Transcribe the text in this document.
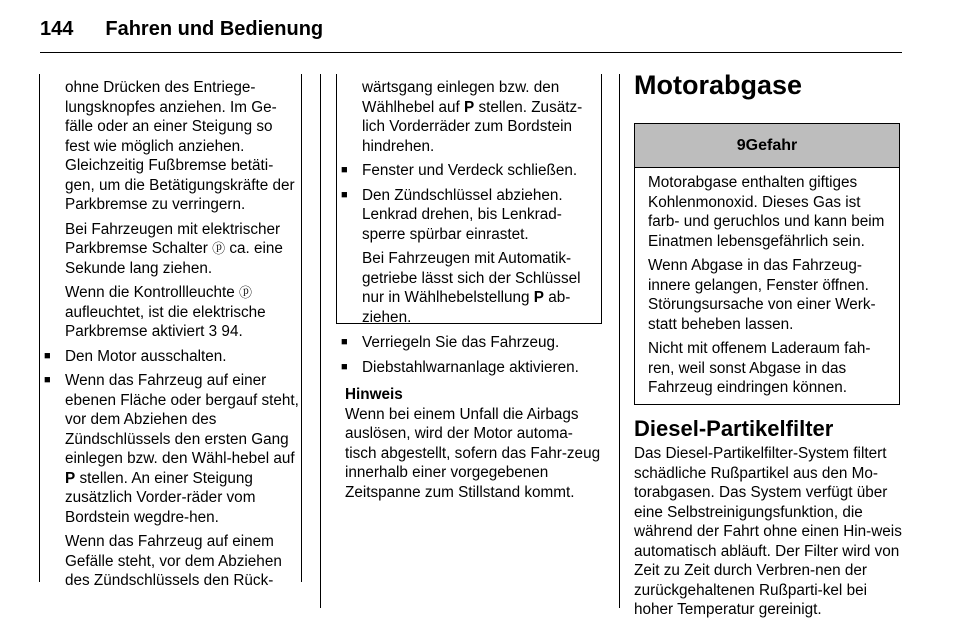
144 Fahren und Bedienung

ohne Drücken des Entriege-lungsknopfes anziehen. Im Ge-fälle oder an einer Steigung so fest wie möglich anziehen. Gleichzeitig Fußbremse betäti-gen, um die Betätigungskräfte der Parkbremse zu verringern.

Bei Fahrzeugen mit elektrischer Parkbremse Schalter ⓟ ca. eine Sekunde lang ziehen.

Wenn die Kontrollleuchte ⓟ aufleuchtet, ist die elektrische Parkbremse aktiviert 3 94.

■ Den Motor ausschalten.

■ Wenn das Fahrzeug auf einer ebenen Fläche oder bergauf steht, vor dem Abziehen des Zündschlüssels den ersten Gang einlegen bzw. den Wähl-hebel auf P stellen. An einer Steigung zusätzlich Vorder-räder vom Bordstein wegdre-hen.

Wenn das Fahrzeug auf einem Gefälle steht, vor dem Abziehen des Zündschlüssels den Rück-

wärtsgang einlegen bzw. den Wählhebel auf P stellen. Zusätz-lich Vorderräder zum Bordstein hindrehen.

■ Fenster und Verdeck schließen.

■ Den Zündschlüssel abziehen. Lenkrad drehen, bis Lenkrad-sperre spürbar einrastet.

Bei Fahrzeugen mit Automatik-getriebe lässt sich der Schlüssel nur in Wählhebelstellung P ab-ziehen.

■ Verriegeln Sie das Fahrzeug.

■ Diebstahlwarnanlage aktivieren.

Hinweis

Wenn bei einem Unfall die Airbags auslösen, wird der Motor automa-tisch abgestellt, sofern das Fahr-zeug innerhalb einer vorgegebenen Zeitspanne zum Stillstand kommt.

Motorabgase
9Gefahr

Motorabgase enthalten giftiges Kohlenmonoxid. Dieses Gas ist farb- und geruchlos und kann beim Einatmen lebensgefährlich sein.

Wenn Abgase in das Fahrzeug-innere gelangen, Fenster öffnen. Störungsursache von einer Werk-statt beheben lassen.

Nicht mit offenem Laderaum fah-ren, weil sonst Abgase in das Fahrzeug eindringen können.

Diesel-Partikelfilter
Das Diesel-Partikelfilter-System filtert schädliche Rußpartikel aus den Mo-torabgasen. Das System verfügt über eine Selbstreinigungsfunktion, die während der Fahrt ohne einen Hin-weis automatisch abläuft. Der Filter wird von Zeit zu Zeit durch Verbren-nen der zurückgehaltenen Rußparti-kel bei hoher Temperatur gereinigt.
